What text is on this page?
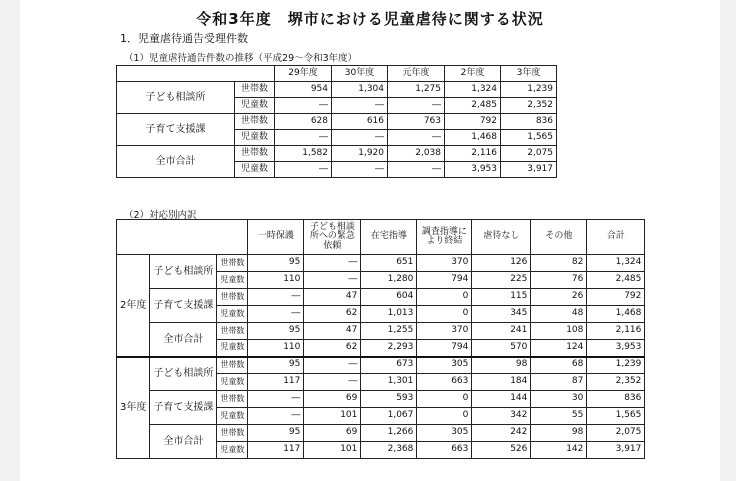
令和3年度　堺市における児童虐待に関する状況
1．児童虐待通告受理件数
（1）児童虐待通告件数の推移（平成29～令和3年度）
		29年度	30年度	元年度	2年度	3年度
子ども相談所	世帯数	954	1,304	1,275	1,324	1,239
	児童数	―	―	―	2,485	2,352
子育て支援課	世帯数	628	616	763	792	836
	児童数	―	―	―	1,468	1,565
全市合計	世帯数	1,582	1,920	2,038	2,116	2,075
	児童数	―	―	―	3,953	3,917
（2）対応別内訳
			一時保護	子ども相談所への緊急依頼	在宅指導	調査指導により終結	虐待なし	その他	合計
2年度	子ども相談所	世帯数	95	―	651	370	126	82	1,324
		児童数	110	―	1,280	794	225	76	2,485
	子育て支援課	世帯数	―	47	604	0	115	26	792
		児童数	―	62	1,013	0	345	48	1,468
	全市合計	世帯数	95	47	1,255	370	241	108	2,116
		児童数	110	62	2,293	794	570	124	3,953
3年度	子ども相談所	世帯数	95	―	673	305	98	68	1,239
		児童数	117	―	1,301	663	184	87	2,352
	子育て支援課	世帯数	―	69	593	0	144	30	836
		児童数	―	101	1,067	0	342	55	1,565
	全市合計	世帯数	95	69	1,266	305	242	98	2,075
		児童数	117	101	2,368	663	526	142	3,917
